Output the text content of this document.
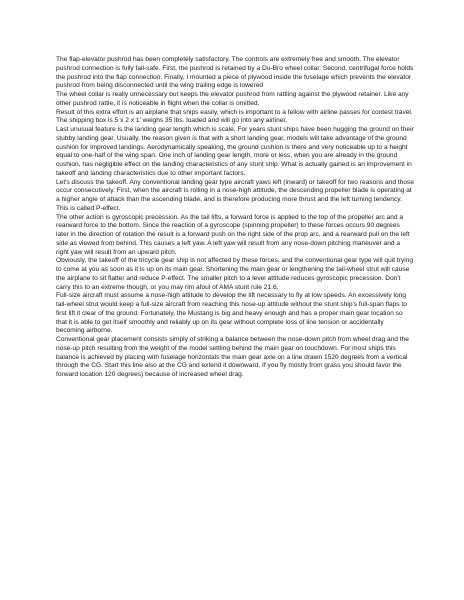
The flap-elevator pushrod has been completely satisfactory. The controls are extremely free and smooth. The elevator pushrod connection is fully fail-safe. First, the pushrod is retained by a Du-Bro wheel collar. Second, centrifugal force holds the pushrod into the flap connection. Finally, I mounted a piece of plywood inside the fuselage which prevents the elevator pushrod from being disconnected until the wing trailing edge is lowered

The wheel collar is really unnecessary but keeps the elevator pushrod from rattling against the plywood retainer. Like any other pushrod rattle, it is noticeable in flight when the collar is omitted.

Result of this extra effort is an airplane that ships easily, which is important to a fellow with airline passes for contest travel. The shipping box is 5 x 2 x 1' weighs 35 lbs. loaded and will go into any airliner.

Last unusual feature is the landing gear length which is scale. For years stunt ships have been hugging the ground on their stubby landing gear. Usually, the reason given is that with a short landing gear, models will take advantage of the ground cushion for improved landings. Aerodynamically speaking, the ground cushion is there and very noticeable up to a height equal to one-half of the wing span. One inch of landing gear length, more or less, when you are already in the ground cushion, has negligible effect on the landing characteristics of any stunt ship. What is actually gained is an improvement in takeoff and landing characteristics due to other important factors.

Let's discuss the takeoff. Any conventional landing gear type aircraft yaws left (inward) or takeoff for two reasons and those occur consecutively. First, when the aircraft is rolling in a nose-high attitude, the descending propeller blade is operating at a higher angle of attack than the ascending blade, and is therefore producing more thrust and the left turning tendency. This is called P-effect.

The other action is gyroscopic precession. As the tail lifts, a forward force is applied to the top of the propeller arc and a rearward force to the bottom. Since the reaction of a gyroscope (spinning propeller) to these forces occurs 90 degrees later in the direction of rotation the result is a forward push on the right side of the prop arc, and a rearward pull on the left side as viewed from behind. This causes a left yaw. A left yaw will result from any nose-down pitching maneuver and a right yaw will result from an upward pitch.

Obviously, the takeoff of the tricycle gear ship is not affected by these forces, and the conventional gear type will quit trying to come at you as soon as it is up on its main gear. Shortening the main gear or lengthening the tail-wheel strut will cause the airplane to sit flatter and reduce P-effect. The smaller pitch to a level attitude reduces gyroscopic precession. Don't carry this to an extreme though, or you may rim afoul of AMA stunt rule 21.6.

Full-size aircraft must assume a nose-high attitude to develop the lift necessary to fly at low speeds. An excessively long tail-wheel strut would keep a full-size aircraft from reaching this nose-up attitude without the stunt ship's full-span flaps to first lift it clear of the ground. Fortunately, the Mustang is big and heavy enough and has a proper main gear location so that it is able to get itself smoothly and reliably up on its gear without complete loss of line tension or accidentally becoming airborne.

Conventional gear placement consists simply of striking a balance between the nose-down pitch from wheel drag and the nose-up pitch resulting from the weight of the model settling behind the main gear on touchdown. For most ships this balance is achieved by placing with fuselage horizontals the main gear axle on a line drawn 1520 degrees from a vertical through the CG. Start this line also at the CG and extend it downward. If you fly mostly from grass you should favor the forward location 120 degrees) because of increased wheel drag.
